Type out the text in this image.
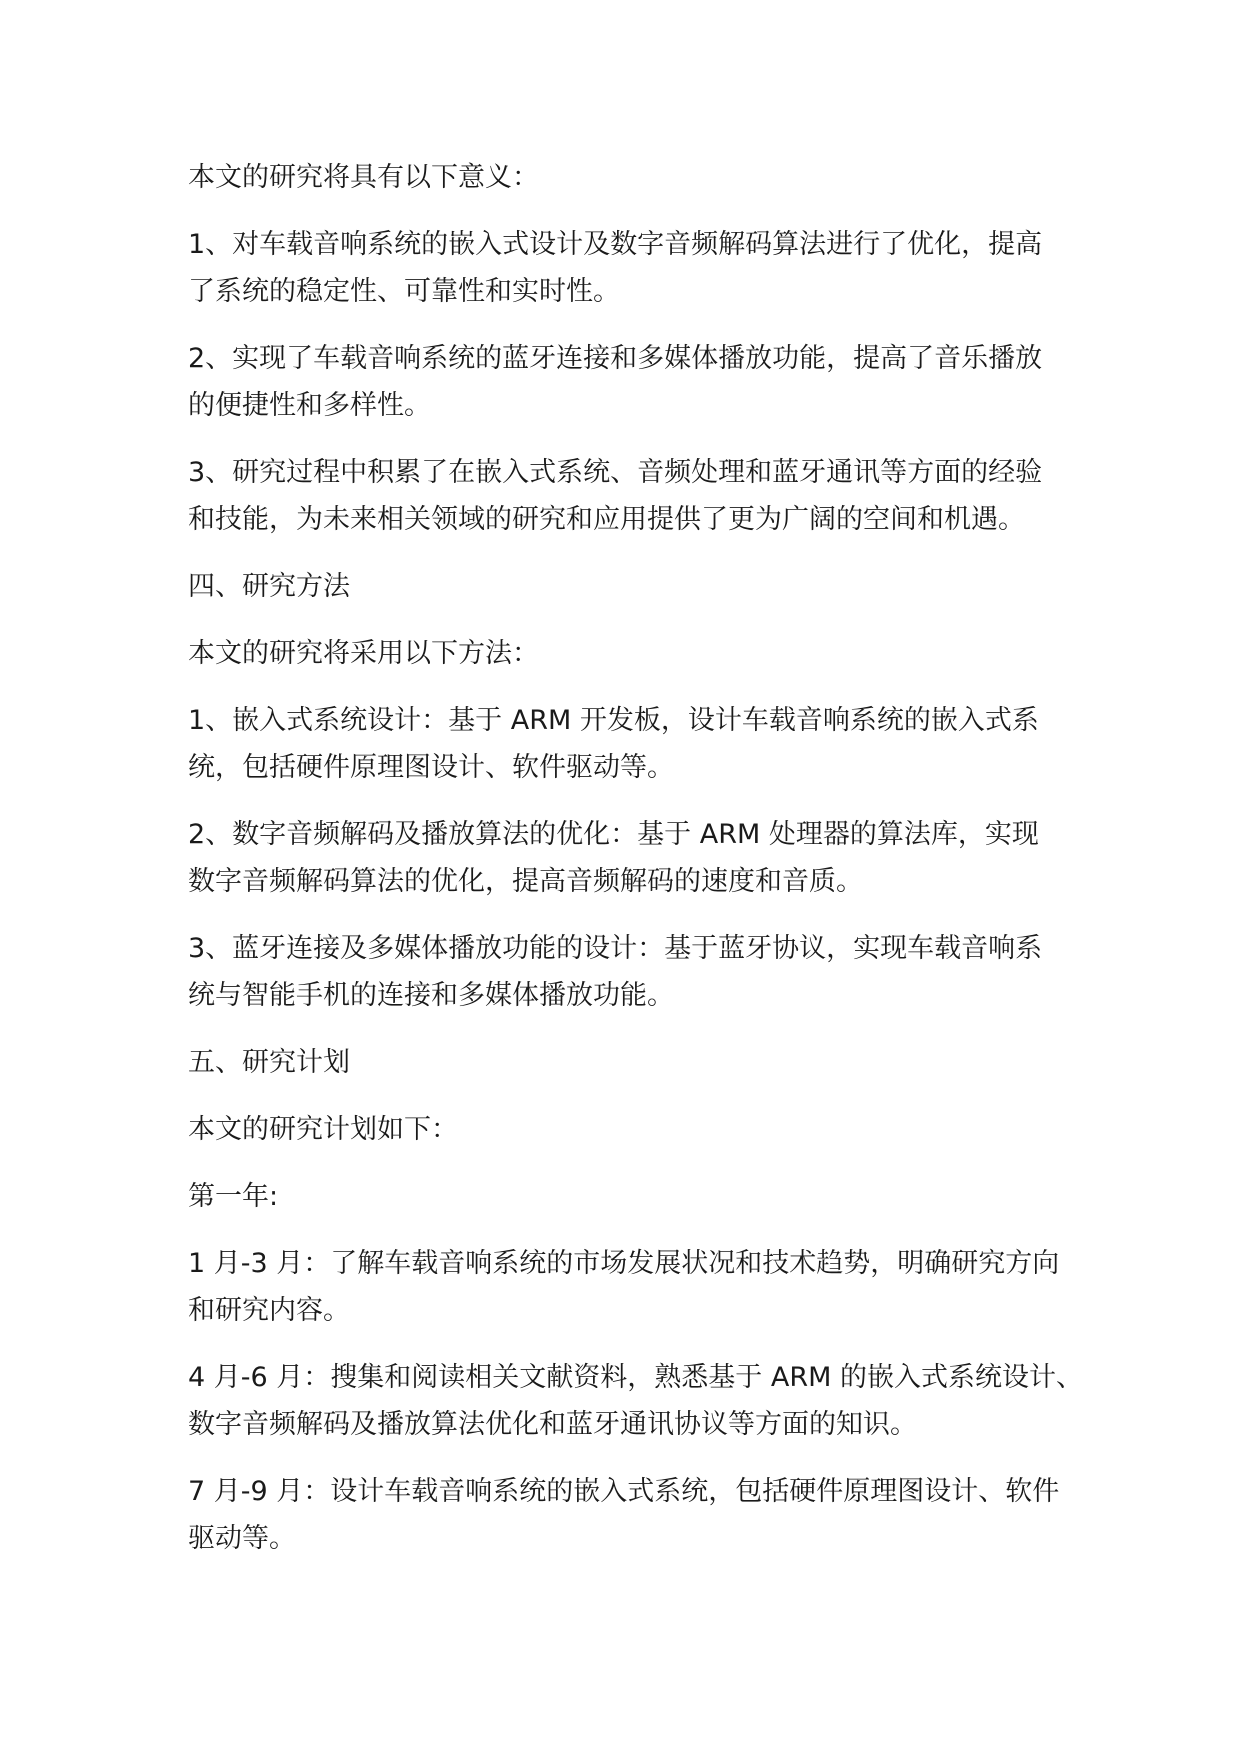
本文的研究将具有以下意义：

1、对车载音响系统的嵌入式设计及数字音频解码算法进行了优化，提高
了系统的稳定性、可靠性和实时性。

2、实现了车载音响系统的蓝牙连接和多媒体播放功能，提高了音乐播放
的便捷性和多样性。

3、研究过程中积累了在嵌入式系统、音频处理和蓝牙通讯等方面的经验
和技能，为未来相关领域的研究和应用提供了更为广阔的空间和机遇。

四、研究方法

本文的研究将采用以下方法：

1、嵌入式系统设计：基于 ARM 开发板，设计车载音响系统的嵌入式系
统，包括硬件原理图设计、软件驱动等。

2、数字音频解码及播放算法的优化：基于 ARM 处理器的算法库，实现
数字音频解码算法的优化，提高音频解码的速度和音质。

3、蓝牙连接及多媒体播放功能的设计：基于蓝牙协议，实现车载音响系
统与智能手机的连接和多媒体播放功能。

五、研究计划

本文的研究计划如下：

第一年:

1 月-3 月：了解车载音响系统的市场发展状况和技术趋势，明确研究方向
和研究内容。

4 月-6 月：搜集和阅读相关文献资料，熟悉基于 ARM 的嵌入式系统设计、
数字音频解码及播放算法优化和蓝牙通讯协议等方面的知识。

7 月-9 月：设计车载音响系统的嵌入式系统，包括硬件原理图设计、软件
驱动等。
